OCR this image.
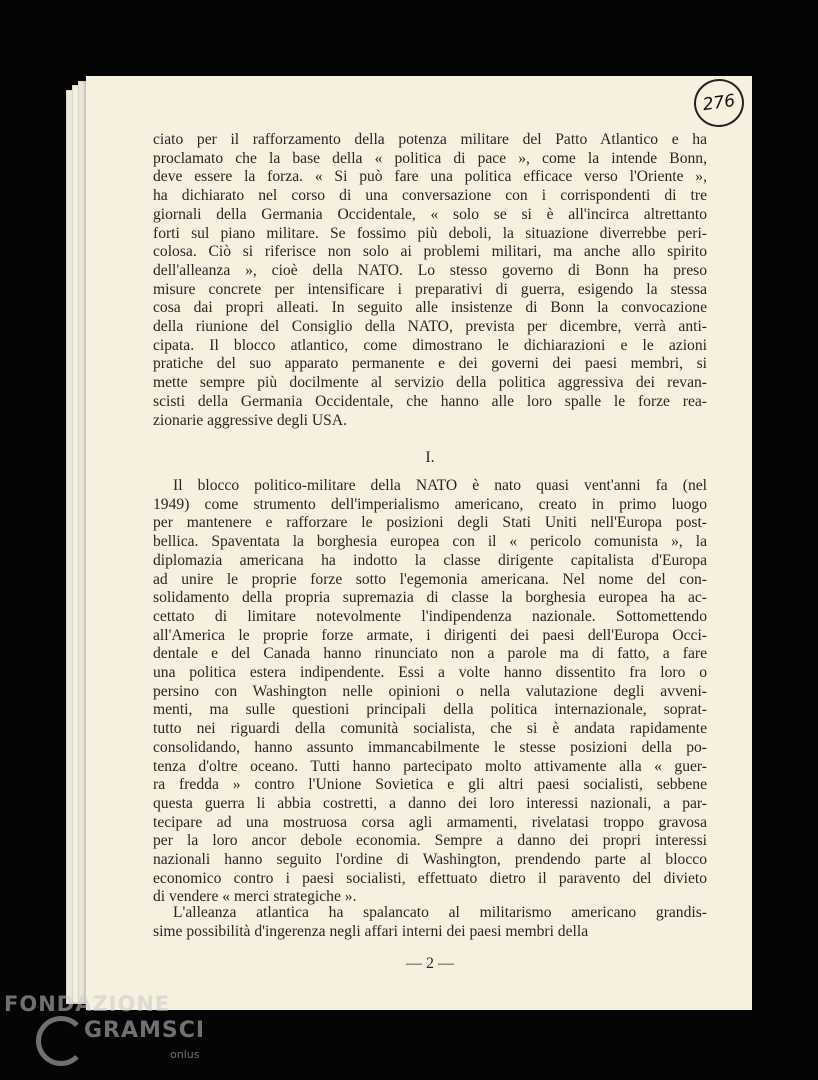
276
ciato per il rafforzamento della potenza militare del Patto Atlantico e ha
proclamato che la base della « politica di pace », come la intende Bonn,
deve essere la forza. « Si può fare una politica efficace verso l'Oriente »,
ha dichiarato nel corso di una conversazione con i corrispondenti di tre
giornali della Germania Occidentale, « solo se si è all'incirca altrettanto
forti sul piano militare. Se fossimo più deboli, la situazione diverrebbe peri-
colosa. Ciò si riferisce non solo ai problemi militari, ma anche allo spirito
dell'alleanza », cioè della NATO. Lo stesso governo di Bonn ha preso
misure concrete per intensificare i preparativi di guerra, esigendo la stessa
cosa dai propri alleati. In seguito alle insistenze di Bonn la convocazione
della riunione del Consiglio della NATO, prevista per dicembre, verrà anti-
cipata. Il blocco atlantico, come dimostrano le dichiarazioni e le azioni
pratiche del suo apparato permanente e dei governi dei paesi membri, si
mette sempre più docilmente al servizio della politica aggressiva dei revan-
scisti della Germania Occidentale, che hanno alle loro spalle le forze rea-
zionarie aggressive degli USA.
I.
Il blocco politico-militare della NATO è nato quasi vent'anni fa (nel
1949) come strumento dell'imperialismo americano, creato in primo luogo
per mantenere e rafforzare le posizioni degli Stati Uniti nell'Europa post-
bellica. Spaventata la borghesia europea con il « pericolo comunista », la
diplomazia americana ha indotto la classe dirigente capitalista d'Europa
ad unire le proprie forze sotto l'egemonia americana. Nel nome del con-
solidamento della propria supremazia di classe la borghesia europea ha ac-
cettato di limitare notevolmente l'indipendenza nazionale. Sottomettendo
all'America le proprie forze armate, i dirigenti dei paesi dell'Europa Occi-
dentale e del Canada hanno rinunciato non a parole ma di fatto, a fare
una politica estera indipendente. Essi a volte hanno dissentito fra loro o
persino con Washington nelle opinioni o nella valutazione degli avveni-
menti, ma sulle questioni principali della politica internazionale, soprat-
tutto nei riguardi della comunità socialista, che si è andata rapidamente
consolidando, hanno assunto immancabilmente le stesse posizioni della po-
tenza d'oltre oceano. Tutti hanno partecipato molto attivamente alla « guer-
ra fredda » contro l'Unione Sovietica e gli altri paesi socialisti, sebbene
questa guerra li abbia costretti, a danno dei loro interessi nazionali, a par-
tecipare ad una mostruosa corsa agli armamenti, rivelatasi troppo gravosa
per la loro ancor debole economia. Sempre a danno dei propri interessi
nazionali hanno seguito l'ordine di Washington, prendendo parte al blocco
economico contro i paesi socialisti, effettuato dietro il paravento del divieto
di vendere « merci strategiche ».
L'alleanza atlantica ha spalancato al militarismo americano grandis-
sime possibilità d'ingerenza negli affari interni dei paesi membri della
— 2 —
FONDAZIONE
GRAMSCI
onlus
